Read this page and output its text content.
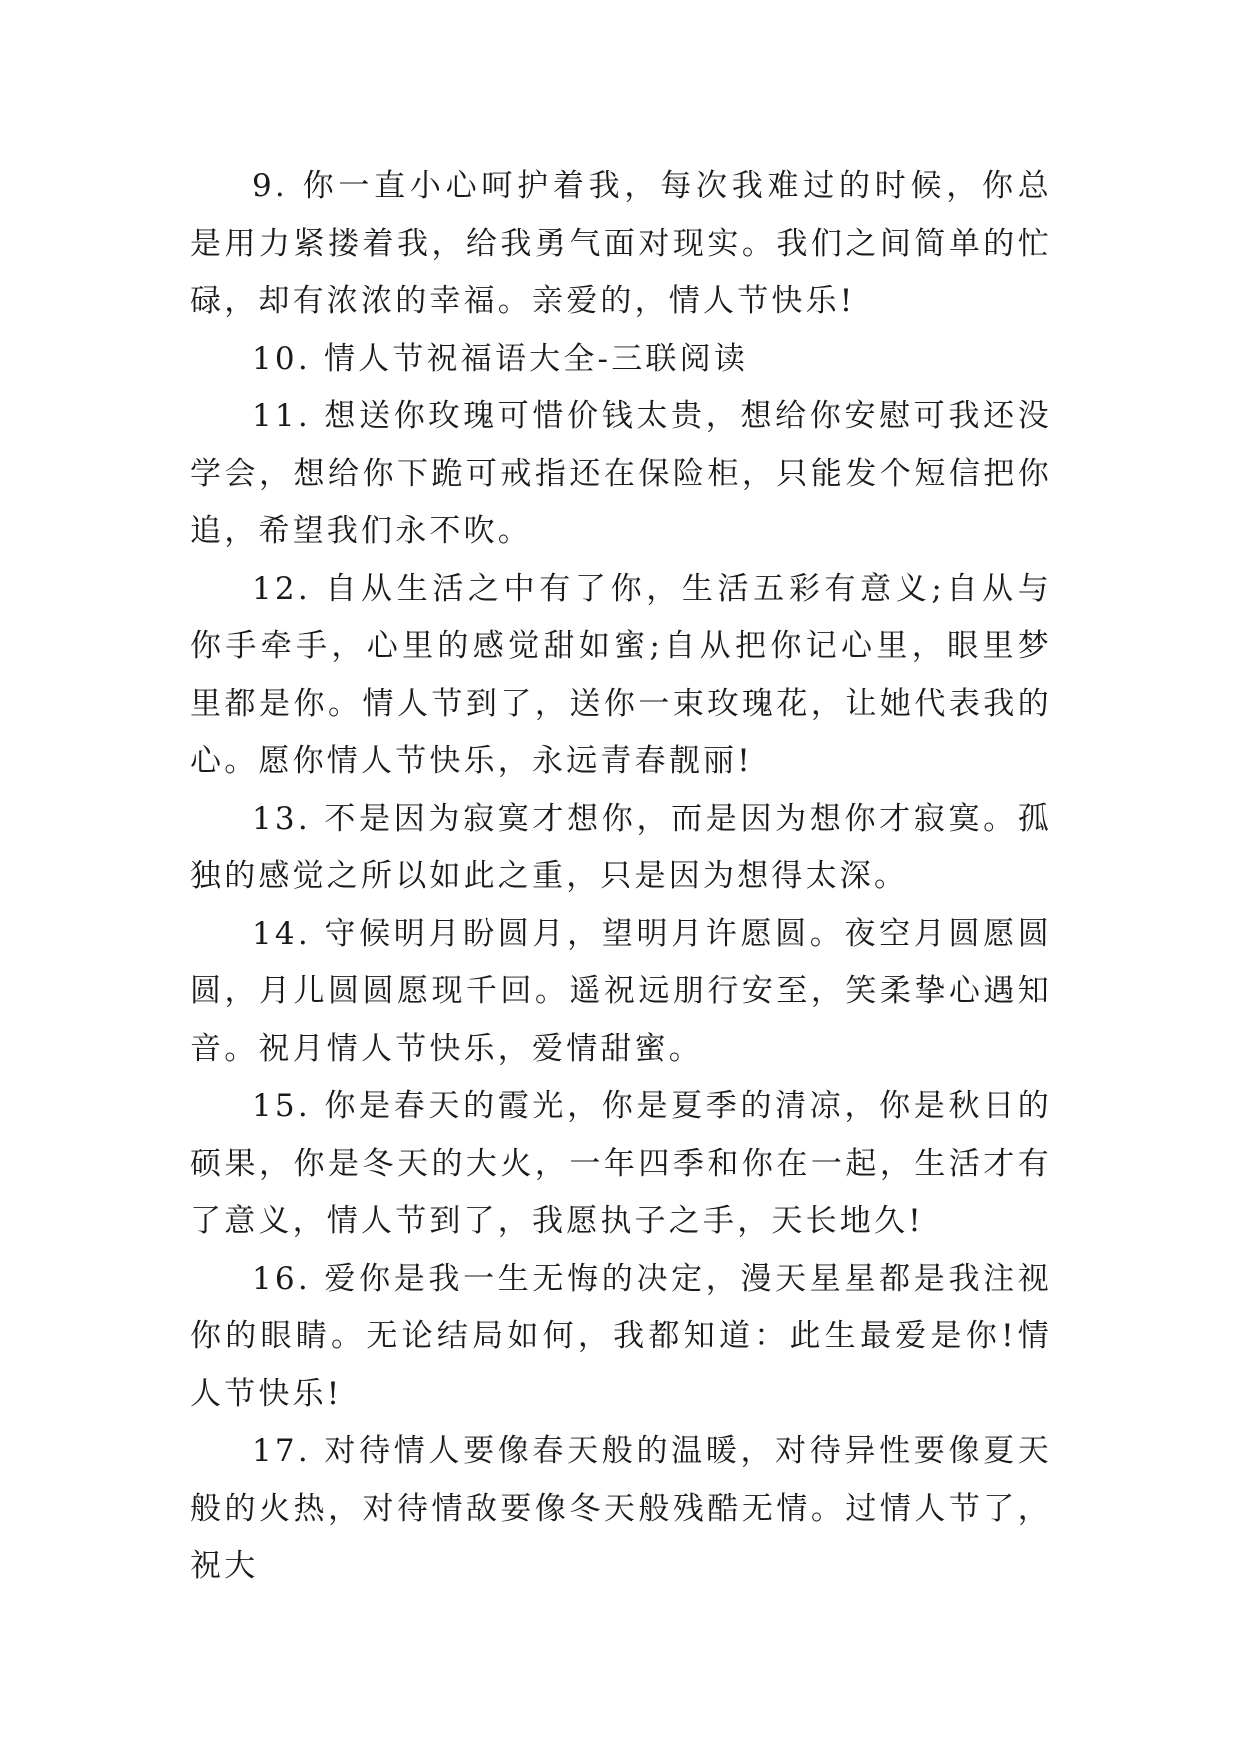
9. 你一直小心呵护着我，每次我难过的时候，你总是用力紧搂着我，给我勇气面对现实。我们之间简单的忙碌，却有浓浓的幸福。亲爱的，情人节快乐!

10. 情人节祝福语大全-三联阅读

11. 想送你玫瑰可惜价钱太贵，想给你安慰可我还没学会，想给你下跪可戒指还在保险柜，只能发个短信把你追，希望我们永不吹。

12. 自从生活之中有了你，生活五彩有意义;自从与你手牵手，心里的感觉甜如蜜;自从把你记心里，眼里梦里都是你。情人节到了，送你一束玫瑰花，让她代表我的心。愿你情人节快乐，永远青春靓丽!

13. 不是因为寂寞才想你，而是因为想你才寂寞。孤独的感觉之所以如此之重，只是因为想得太深。

14. 守候明月盼圆月，望明月许愿圆。夜空月圆愿圆圆，月儿圆圆愿现千回。遥祝远朋行安至，笑柔挚心遇知音。祝月情人节快乐，爱情甜蜜。

15. 你是春天的霞光，你是夏季的清凉，你是秋日的硕果，你是冬天的大火，一年四季和你在一起，生活才有了意义，情人节到了，我愿执子之手，天长地久!

16. 爱你是我一生无悔的决定，漫天星星都是我注视你的眼睛。无论结局如何，我都知道：此生最爱是你!情人节快乐!

17. 对待情人要像春天般的温暖，对待异性要像夏天般的火热，对待情敌要像冬天般残酷无情。过情人节了，祝大
